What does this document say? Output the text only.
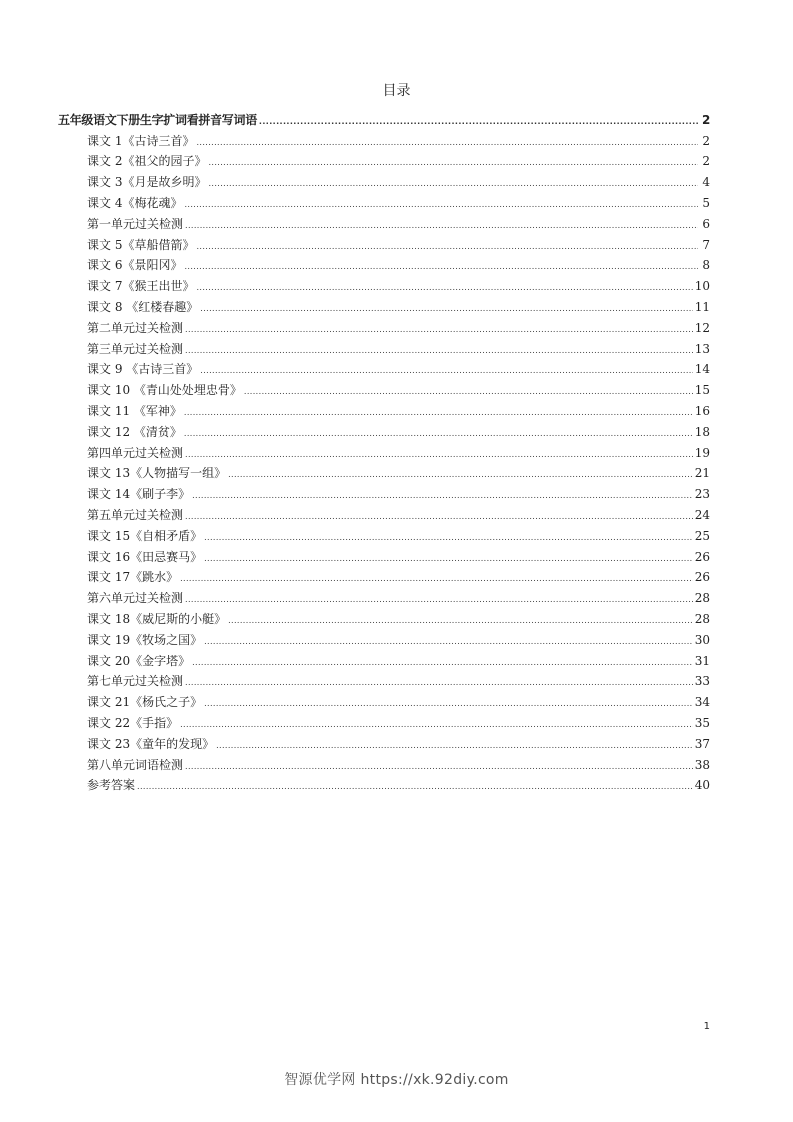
目录
五年级语文下册生字扩词看拼音写词语 .....	2
课文 1《古诗三首》 .....	2
课文 2《祖父的园子》 .....	2
课文 3《月是故乡明》 .....	4
课文 4《梅花魂》 .....	5
第一单元过关检测 .....	6
课文 5《草船借箭》 .....	7
课文 6《景阳冈》 .....	8
课文 7《猴王出世》 .....	10
课文 8 《红楼春趣》 .....	11
第二单元过关检测 .....	12
第三单元过关检测 .....	13
课文 9 《古诗三首》 .....	14
课文 10 《青山处处埋忠骨》 .....	15
课文 11 《军神》 .....	16
课文 12 《清贫》 .....	18
第四单元过关检测 .....	19
课文 13《人物描写一组》 .....	21
课文 14《刷子李》 .....	23
第五单元过关检测 .....	24
课文 15《自相矛盾》 .....	25
课文 16《田忌赛马》 .....	26
课文 17《跳水》 .....	26
第六单元过关检测 .....	28
课文 18《威尼斯的小艇》 .....	28
课文 19《牧场之国》 .....	30
课文 20《金字塔》 .....	31
第七单元过关检测 .....	33
课文 21《杨氏之子》 .....	34
课文 22《手指》 .....	35
课文 23《童年的发现》 .....	37
第八单元词语检测 .....	38
参考答案 .....	40
1
智源优学网 https://xk.92diy.com
